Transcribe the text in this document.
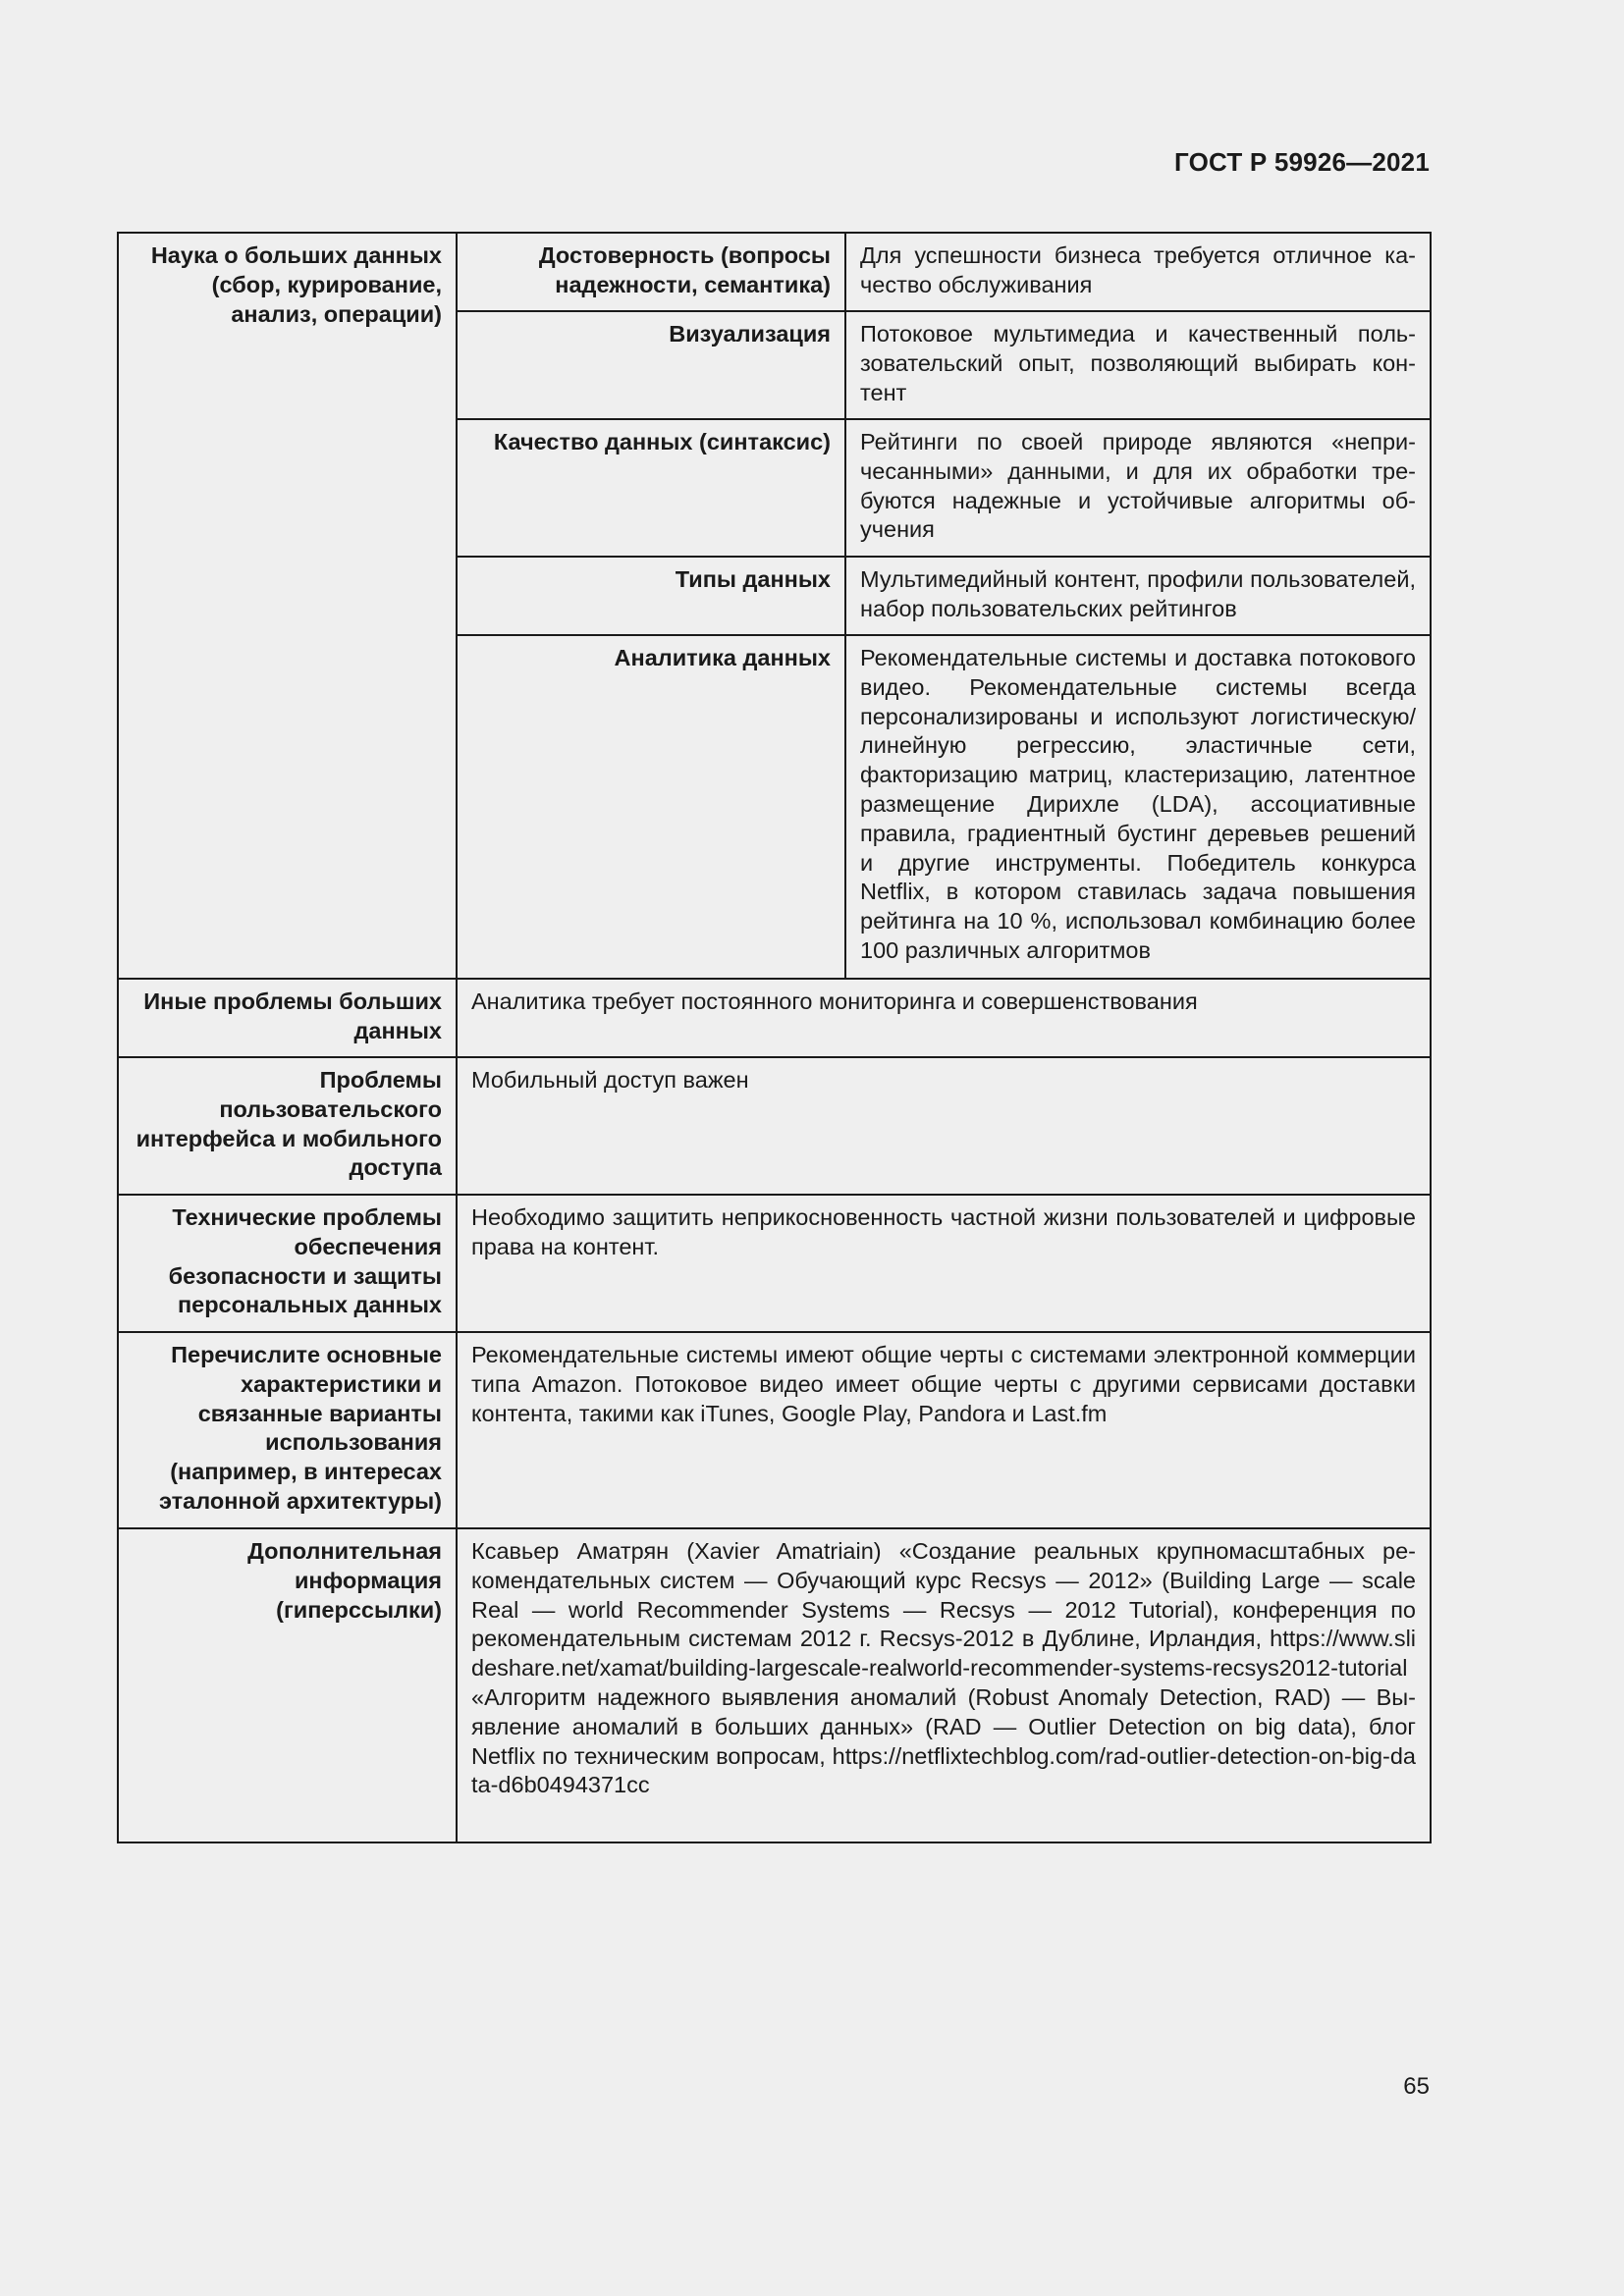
ГОСТ Р 59926—2021
Наука о больших данных (сбор, курирование, анализ, операции)	Достоверность (вопросы надежности, семантика)	Для успешности бизнеса требуется отличное качество обслуживания
	Визуализация	Потоковое мультимедиа и качественный пользовательский опыт, позволяющий выбирать контент
	Качество данных (синтаксис)	Рейтинги по своей природе являются «непричесанными» данными, и для их обработки требуются надежные и устойчивые алгоритмы обучения
	Типы данных	Мультимедийный контент, профили пользователей, набор пользовательских рейтингов
	Аналитика данных	Рекомендательные системы и доставка потокового видео. Рекомендательные системы всегда персонализированы и используют логистическую/линейную регрессию, эластичные сети, факторизацию матриц, кластеризацию, латентное размещение Дирихле (LDA), ассоциативные правила, градиентный бустинг деревьев решений и другие инструменты. Победитель конкурса Netflix, в котором ставилась задача повышения рейтинга на 10 %, использовал комбинацию более 100 различных алгоритмов
Иные проблемы больших данных	Аналитика требует постоянного мониторинга и совершенствования	
Проблемы пользовательского интерфейса и мобильного доступа	Мобильный доступ важен	
Технические проблемы обеспечения безопасности и защиты персональных данных	Необходимо защитить неприкосновенность частной жизни пользователей и цифровые права на контент.	
Перечислите основные характеристики и связанные варианты использования (например, в интересах эталонной архитектуры)	Рекомендательные системы имеют общие черты с системами электронной коммерции типа Amazon. Потоковое видео имеет общие черты с другими сервисами доставки контента, такими как iTunes, Google Play, Pandora и Last.fm	
Дополнительная информация (гиперссылки)	Ксавьер Аматрян (Xavier Amatriain) «Создание реальных крупномасштабных рекомендательных систем — Обучающий курс Recsys — 2012» (Building Large — scale Real — world Recommender Systems — Recsys — 2012 Tutorial), конференция по рекомендательным системам 2012 г. Recsys-2012 в Дублине, Ирландия, https://www.slideshare.net/xamat/building-largescale-realworld-recommender-systems-recsys2012-tutorial
«Алгоритм надежного выявления аномалий (Robust Anomaly Detection, RAD) — Выявление аномалий в больших данных» (RAD — Outlier Detection on big data), блог Netflix по техническим вопросам, https://netflixtechblog.com/rad-outlier-detection-on-big-data-d6b0494371cc	
65
